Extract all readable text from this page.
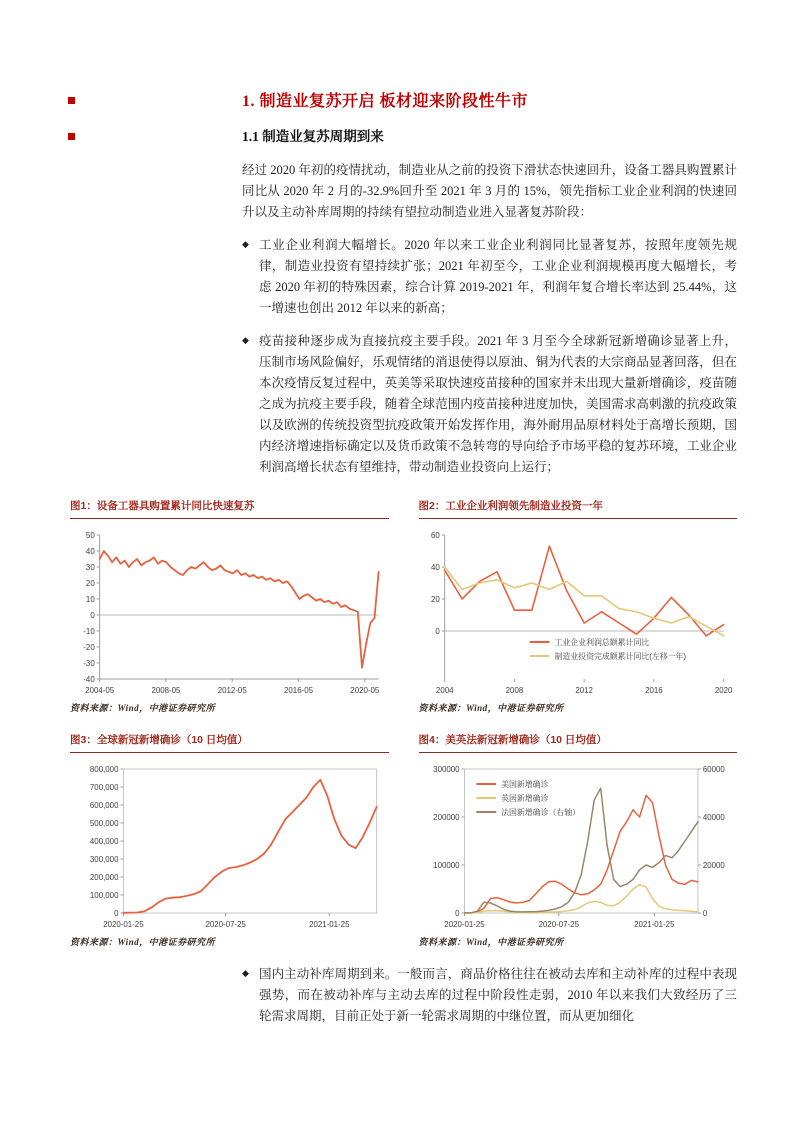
1. 制造业复苏开启 板材迎来阶段性牛市
1.1 制造业复苏周期到来

经过 2020 年初的疫情扰动，制造业从之前的投资下滑状态快速回升，设备工器具购置累计同比从 2020 年 2 月的-32.9%回升至 2021 年 3 月的 15%，领先指标工业企业利润的快速回升以及主动补库周期的持续有望拉动制造业进入显著复苏阶段：

◆ 工业企业利润大幅增长。2020 年以来工业企业利润同比显著复苏，按照年度领先规律，制造业投资有望持续扩张；2021 年初至今，工业企业利润规模再度大幅增长，考虑 2020 年初的特殊因素，综合计算 2019-2021 年，利润年复合增长率达到 25.44%，这一增速也创出 2012 年以来的新高；
◆ 疫苗接种逐步成为直接抗疫主要手段。2021 年 3 月至今全球新冠新增确诊显著上升，压制市场风险偏好，乐观情绪的消退使得以原油、铜为代表的大宗商品显著回落，但在本次疫情反复过程中，英美等采取快速疫苗接种的国家并未出现大量新增确诊，疫苗随之成为抗疫主要手段，随着全球范围内疫苗接种进度加快，美国需求高刺激的抗疫政策以及欧洲的传统投资型抗疫政策开始发挥作用，海外耐用品原材料处于高增长预期，国内经济增速指标确定以及货币政策不急转弯的导向给予市场平稳的复苏环境，工业企业利润高增长状态有望维持，带动制造业投资向上运行；
图1：设备工器具购置累计同比快速复苏
50
40
30
20
10
0
-10
-20
-30
-40
2004-05	2008-05	2012-05	2016-05	2020-05
资料来源：Wind，中港证券研究所
图2：工业企业利润领先制造业投资一年
60
40
20
0
2004	2008	2012	2016	2020
工业企业利润总额累计同比
制造业投资完成额累计同比(左移一年)
资料来源：Wind，中港证券研究所
图3：全球新冠新增确诊（10 日均值）
800,000
700,000
600,000
500,000
400,000
300,000
200,000
100,000
0
2020-01-25	2020-07-25	2021-01-25
资料来源：Wind，中港证券研究所
图4：美英法新冠新增确诊（10 日均值）
300000
200000
100000
0
60000
40000
20000
0
2020-01-25	2020-07-25	2021-01-25
美国新增确诊
英国新增确诊
法国新增确诊（右轴）
资料来源：Wind，中港证券研究所
◆ 国内主动补库周期到来。一般而言，商品价格往往在被动去库和主动补库的过程中表现强势，而在被动补库与主动去库的过程中阶段性走弱，2010 年以来我们大致经历了三轮需求周期，目前正处于新一轮需求周期的中继位置，而从更加细化
